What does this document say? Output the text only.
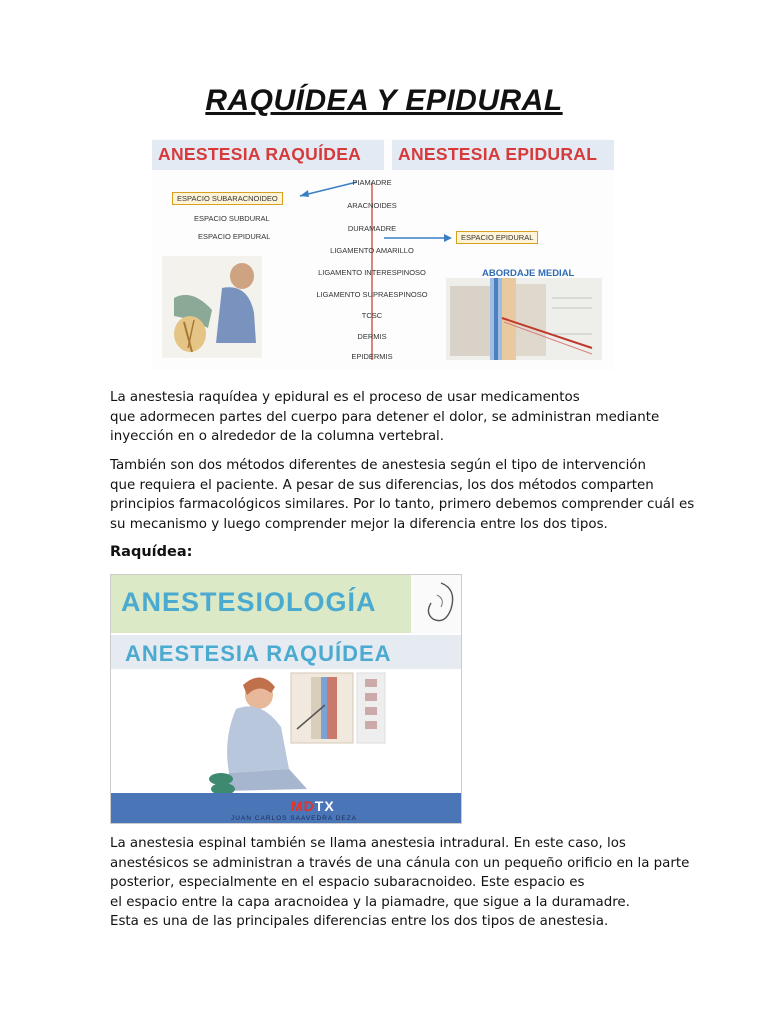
RAQUÍDEA Y EPIDURAL
ANESTESIA RAQUÍDEA ANESTESIA EPIDURAL
PIAMADRE
ARACNOIDES
DURAMADRE
LIGAMENTO AMARILLO
LIGAMENTO INTERESPINOSO
LIGAMENTO SUPRAESPINOSO
TCSC
DERMIS
EPIDERMIS
ESPACIO SUBARACNOIDEO
ESPACIO SUBDURAL
ESPACIO EPIDURAL	ESPACIO EPIDURAL
ABORDAJE MEDIAL

La anestesia raquídea y epidural es el proceso de usar medicamentos
que adormecen partes del cuerpo para detener el dolor, se administran mediante
inyección en o alrededor de la columna vertebral.

También son dos métodos diferentes de anestesia según el tipo de intervención
que requiera el paciente. A pesar de sus diferencias, los dos métodos comparten
principios farmacológicos similares. Por lo tanto, primero debemos comprender cuál es
su mecanismo y luego comprender mejor la diferencia entre los dos tipos.

Raquídea:

ANESTESIOLOGÍA
ANESTESIA RAQUÍDEA
MDTX
JUAN CARLOS SAAVEDRA DEZA

La anestesia espinal también se llama anestesia intradural. En este caso, los
anestésicos se administran a través de una cánula con un pequeño orificio en la parte
posterior, especialmente en el espacio subaracnoideo. Este espacio es
el espacio entre la capa aracnoidea y la piamadre, que sigue a la duramadre.
Esta es una de las principales diferencias entre los dos tipos de anestesia.
